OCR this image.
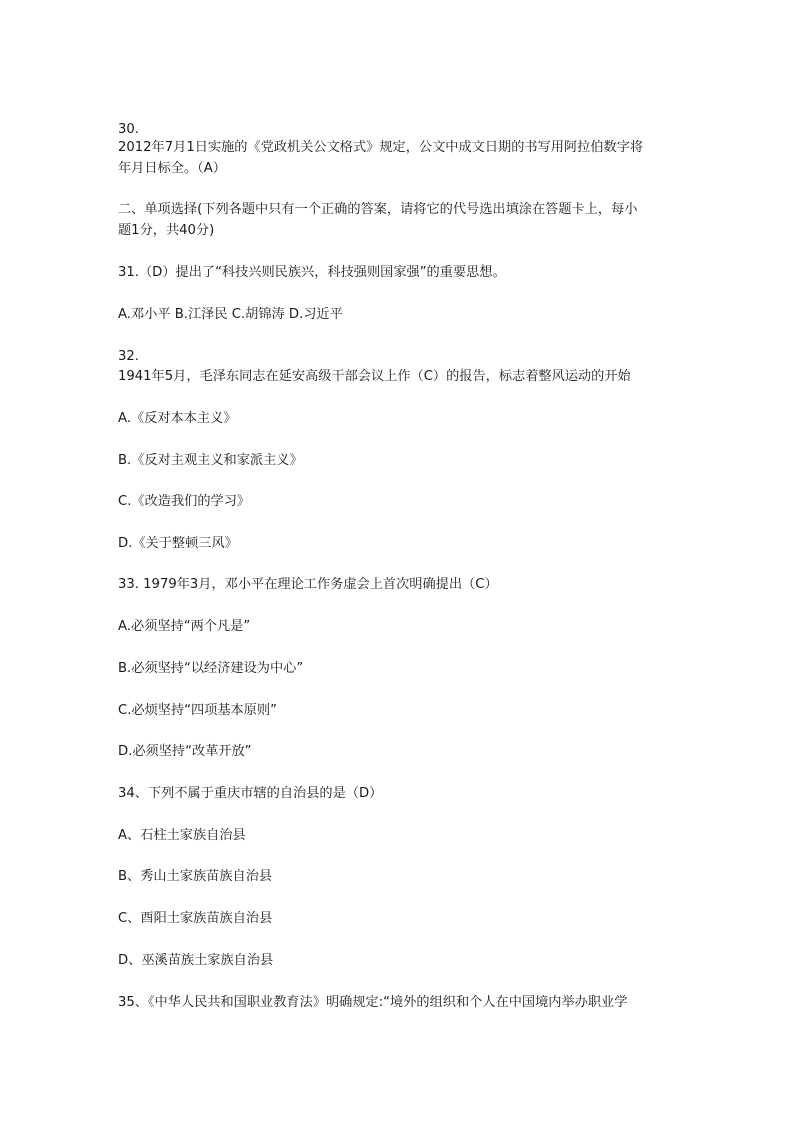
30.
2012年7月1日实施的《党政机关公文格式》规定，公文中成文日期的书写用阿拉伯数字将
年月日标全。（A）
二、单项选择(下列各题中只有一个正确的答案，请将它的代号选出填涂在答题卡上，每小
题1分，共40分)
31.（D）提出了“科技兴则民族兴，科技强则国家强”的重要思想。
A.邓小平 B.江泽民 C.胡锦涛 D.习近平
32.
1941年5月，毛泽东同志在延安高级干部会议上作（C）的报告，标志着整风运动的开始
A.《反对本本主义》
B.《反对主观主义和家派主义》
C.《改造我们的学习》
D.《关于整顿三风》
33. 1979年3月，邓小平在理论工作务虚会上首次明确提出（C）
A.必须坚持“两个凡是”
B.必须坚持“以经济建设为中心”
C.必烦坚持“四项基本原则”
D.必须坚持“改革开放”
34、下列不属于重庆市辖的自治县的是（D）
A、石柱土家族自治县
B、秀山土家族苗族自治县
C、酉阳土家族苗族自治县
D、巫溪苗族土家族自治县
35、《中华人民共和国职业教育法》明确规定:“境外的组织和个人在中国境内举办职业学
